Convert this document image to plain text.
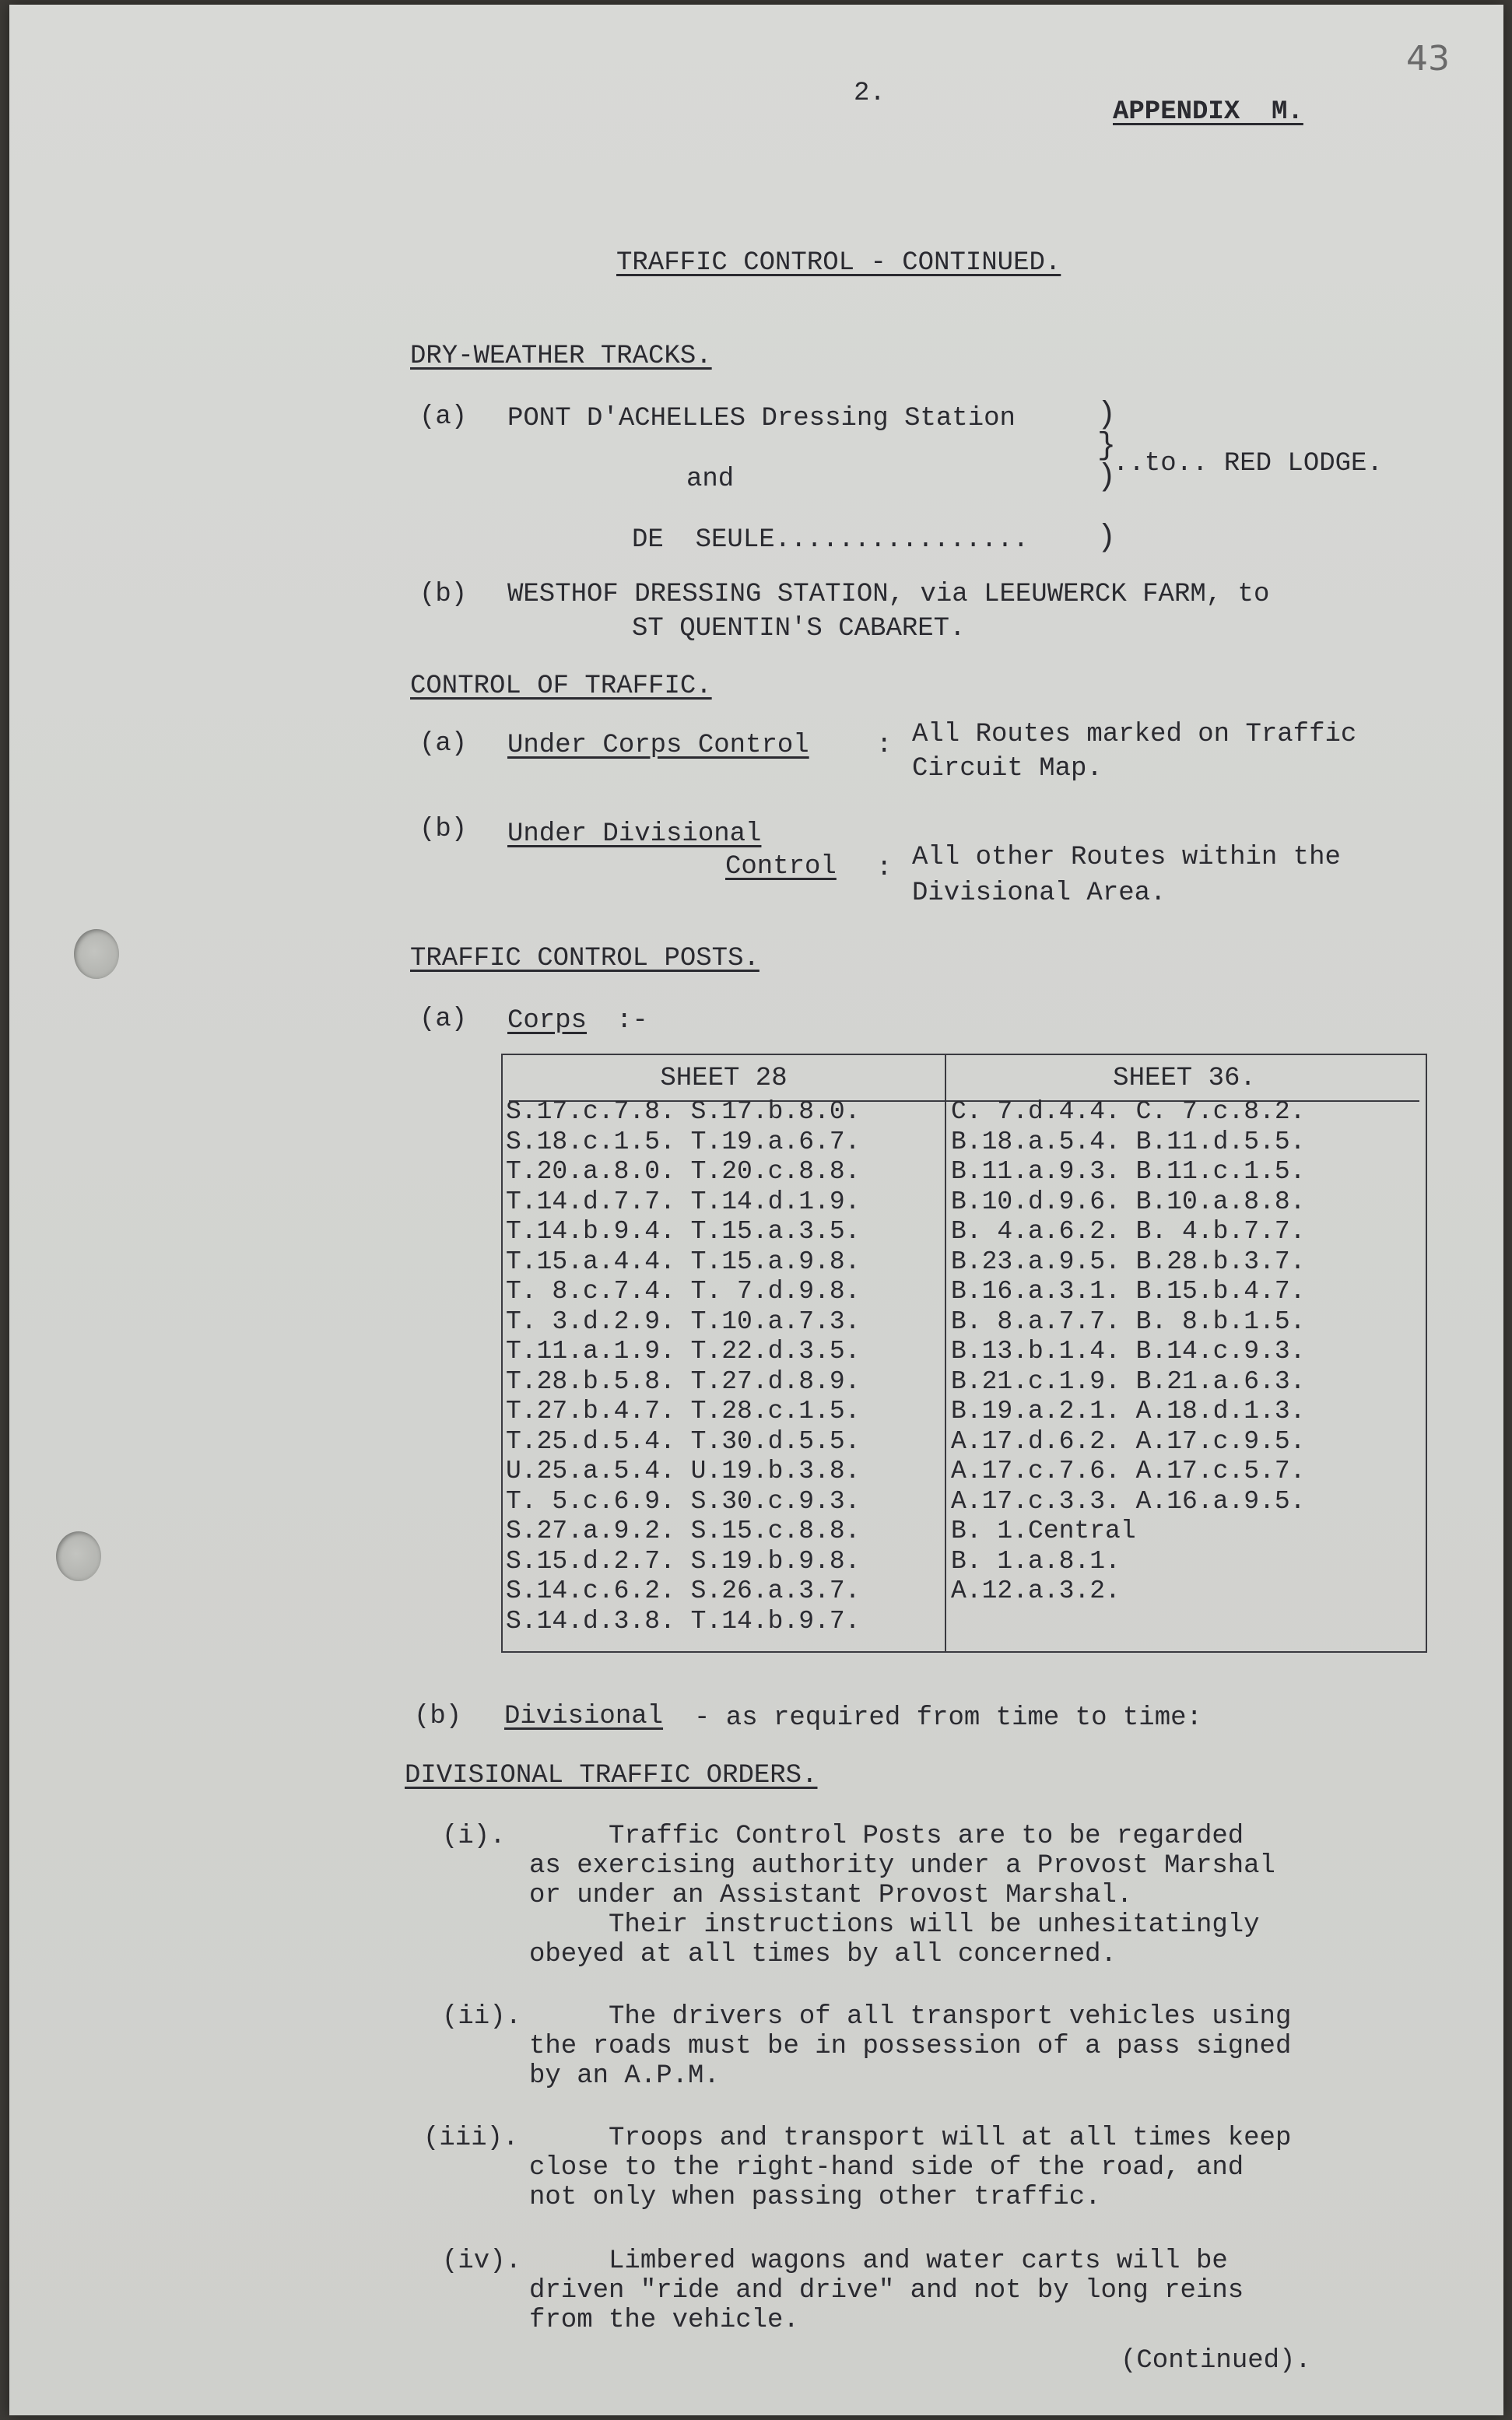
2.
APPENDIX  M.
43
TRAFFIC CONTROL - CONTINUED.
DRY-WEATHER TRACKS.
(a) PONT D'ACHELLES Dressing Station
and
DE  SEULE................
)
}
)
)
..to.. RED LODGE.
(b) WESTHOF DRESSING STATION, via LEEUWERCK FARM, to
ST QUENTIN'S CABARET.
CONTROL OF TRAFFIC.
(a) Under Corps Control	: All Routes marked on Traffic
Circuit Map.
(b) Under Divisional
Control : All other Routes within the
Divisional Area.
TRAFFIC CONTROL POSTS.
(a) Corps :-
SHEET 28
S.17.c.7.8. S.17.b.8.0.
S.18.c.1.5. T.19.a.6.7.
T.20.a.8.0. T.20.c.8.8.
T.14.d.7.7. T.14.d.1.9.
T.14.b.9.4. T.15.a.3.5.
T.15.a.4.4. T.15.a.9.8.
T. 8.c.7.4. T. 7.d.9.8.
T. 3.d.2.9. T.10.a.7.3.
T.11.a.1.9. T.22.d.3.5.
T.28.b.5.8. T.27.d.8.9.
T.27.b.4.7. T.28.c.1.5.
T.25.d.5.4. T.30.d.5.5.
U.25.a.5.4. U.19.b.3.8.
T. 5.c.6.9. S.30.c.9.3.
S.27.a.9.2. S.15.c.8.8.
S.15.d.2.7. S.19.b.9.8.
S.14.c.6.2. S.26.a.3.7.
S.14.d.3.8. T.14.b.9.7.
SHEET 36.
C. 7.d.4.4. C. 7.c.8.2.
B.18.a.5.4. B.11.d.5.5.
B.11.a.9.3. B.11.c.1.5.
B.10.d.9.6. B.10.a.8.8.
B. 4.a.6.2. B. 4.b.7.7.
B.23.a.9.5. B.28.b.3.7.
B.16.a.3.1. B.15.b.4.7.
B. 8.a.7.7. B. 8.b.1.5.
B.13.b.1.4. B.14.c.9.3.
B.21.c.1.9. B.21.a.6.3.
B.19.a.2.1. A.18.d.1.3.
A.17.d.6.2. A.17.c.9.5.
A.17.c.7.6. A.17.c.5.7.
A.17.c.3.3. A.16.a.9.5.
B. 1.Central
B. 1.a.8.1.
A.12.a.3.2.
(b) Divisional - as required from time to time:
DIVISIONAL TRAFFIC ORDERS.
(i). Traffic Control Posts are to be regarded
as exercising authority under a Provost Marshal
or under an Assistant Provost Marshal.
Their instructions will be unhesitatingly
obeyed at all times by all concerned.
(ii). The drivers of all transport vehicles using
the roads must be in possession of a pass signed
by an A.P.M.
(iii). Troops and transport will at all times keep
close to the right-hand side of the road, and
not only when passing other traffic.
(iv). Limbered wagons and water carts will be
driven "ride and drive" and not by long reins
from the vehicle.
(Continued).
